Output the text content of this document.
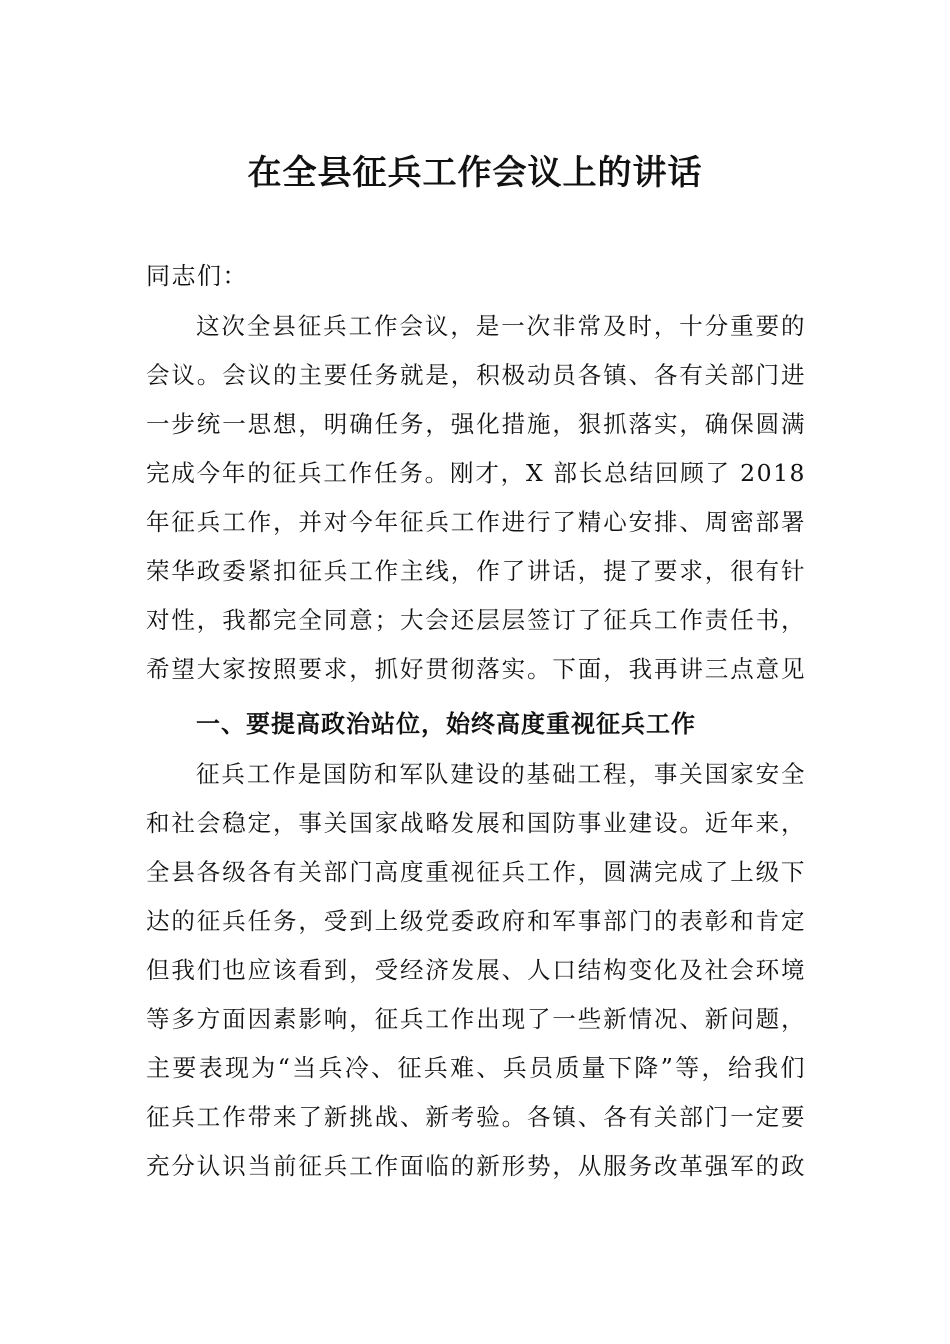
在全县征兵工作会议上的讲话
同志们：
这次全县征兵工作会议，是一次非常及时，十分重要的
会议。会议的主要任务就是，积极动员各镇、各有关部门进
一步统一思想，明确任务，强化措施，狠抓落实，确保圆满
完成今年的征兵工作任务。刚才，X 部长总结回顾了 2018
年征兵工作，并对今年征兵工作进行了精心安排、周密部署
荣华政委紧扣征兵工作主线，作了讲话，提了要求，很有针
对性，我都完全同意；大会还层层签订了征兵工作责任书，
希望大家按照要求，抓好贯彻落实。下面，我再讲三点意见
一、要提高政治站位，始终高度重视征兵工作
征兵工作是国防和军队建设的基础工程，事关国家安全
和社会稳定，事关国家战略发展和国防事业建设。近年来，
全县各级各有关部门高度重视征兵工作，圆满完成了上级下
达的征兵任务，受到上级党委政府和军事部门的表彰和肯定
但我们也应该看到，受经济发展、人口结构变化及社会环境
等多方面因素影响，征兵工作出现了一些新情况、新问题，
主要表现为“当兵冷、征兵难、兵员质量下降”等，给我们
征兵工作带来了新挑战、新考验。各镇、各有关部门一定要
充分认识当前征兵工作面临的新形势，从服务改革强军的政
